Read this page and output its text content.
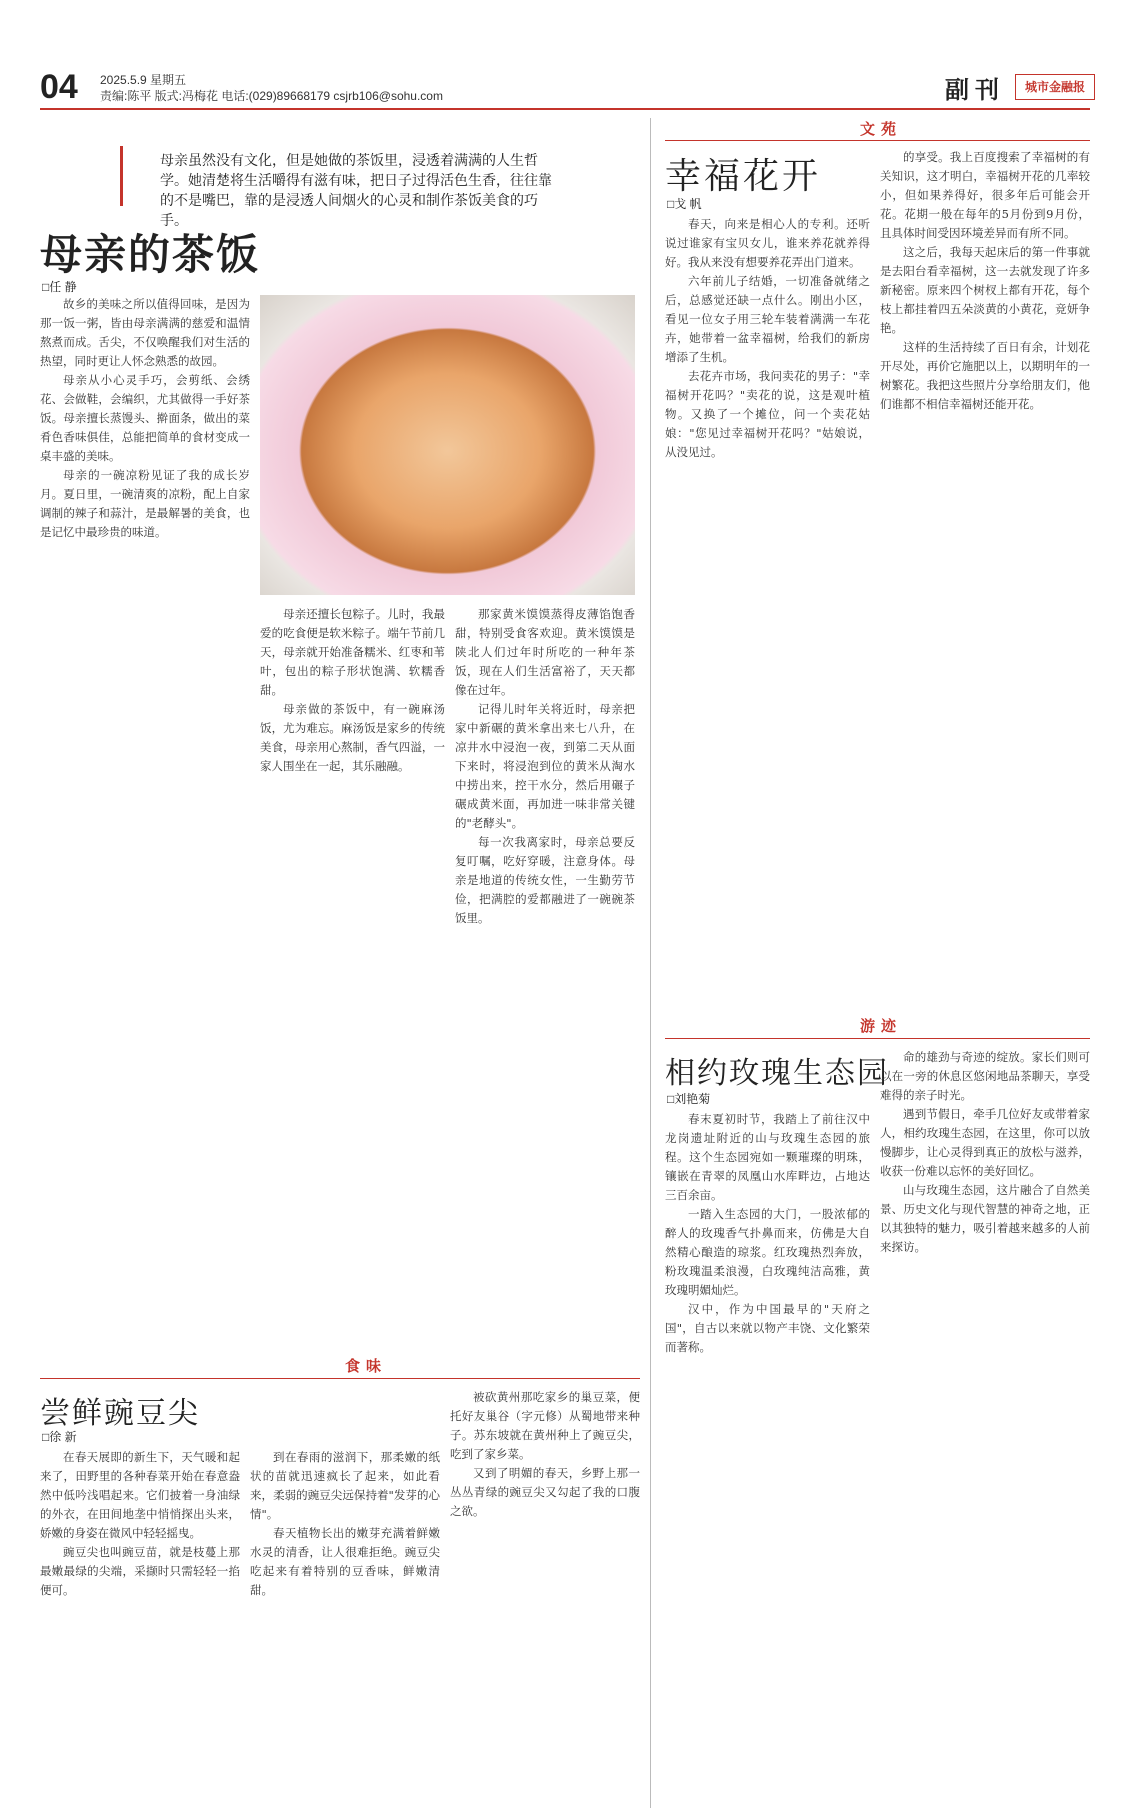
04 2025.5.9 星期五
责编:陈平 版式:冯梅花 电话:(029)89668179 csjrb106@sohu.com	副刊	城市金融报
母亲虽然没有文化，但是她做的茶饭里，浸透着满满的人生哲学。她清楚将生活嚼得有滋有味，把日子过得活色生香，往往靠的不是嘴巴，靠的是浸透人间烟火的心灵和制作茶饭美食的巧手。
母亲的茶饭
□任 静

故乡的美味之所以值得回味，是因为那一饭一粥，皆由母亲满满的慈爱和温情熬煮而成。舌尖，不仅唤醒我们对生活的热望，同时更让人怀念熟悉的故园。

母亲从小心灵手巧，会剪纸、会绣花、会做鞋，会编织，尤其做得一手好茶饭。母亲擅长蒸馒头、擀面条，做出的菜肴色香味俱佳，总能把简单的食材变成一桌丰盛的美味。

母亲的一碗凉粉见证了我的成长岁月。夏日里，一碗清爽的凉粉，配上自家调制的辣子和蒜汁，是最解暑的美食，也是记忆中最珍贵的味道。

母亲还擅长包粽子。儿时，我最爱的吃食便是软米粽子。端午节前几天，母亲就开始准备糯米、红枣和苇叶，包出的粽子形状饱满、软糯香甜。

母亲做的茶饭中，有一碗麻汤饭，尤为难忘。麻汤饭是家乡的传统美食，母亲用心熬制，香气四溢，一家人围坐在一起，其乐融融。

那家黄米馍馍蒸得皮薄馅饱香甜，特别受食客欢迎。黄米馍馍是陕北人们过年时所吃的一种年茶饭，现在人们生活富裕了，天天都像在过年。

记得儿时年关将近时，母亲把家中新碾的黄米拿出来七八升，在凉井水中浸泡一夜，到第二天从面下来时，将浸泡到位的黄米从淘水中捞出来，控干水分，然后用碾子碾成黄米面，再加进一味非常关键的"老酵头"。

每一次我离家时，母亲总要反复叮嘱，吃好穿暖，注意身体。母亲是地道的传统女性，一生勤劳节俭，把满腔的爱都融进了一碗碗茶饭里。

文苑
幸福花开
□戈 帆

春天，向来是相心人的专利。还听说过谁家有宝贝女儿，谁来养花就养得好。我从来没有想要养花弄出门道来。

六年前儿子结婚，一切准备就绪之后，总感觉还缺一点什么。刚出小区，看见一位女子用三轮车装着满满一车花卉，她带着一盆幸福树，给我们的新房增添了生机。

去花卉市场，我问卖花的男子："幸福树开花吗？"卖花的说，这是观叶植物。又换了一个摊位，问一个卖花姑娘："您见过幸福树开花吗？"姑娘说，从没见过。

的享受。我上百度搜索了幸福树的有关知识，这才明白，幸福树开花的几率较小，但如果养得好，很多年后可能会开花。花期一般在每年的5月份到9月份，且具体时间受因环境差异而有所不同。

这之后，我每天起床后的第一件事就是去阳台看幸福树，这一去就发现了许多新秘密。原来四个树杈上都有开花，每个枝上都挂着四五朵淡黄的小黄花，竞妍争艳。

这样的生活持续了百日有余，计划花开尽处，再价它施肥以上，以期明年的一树繁花。我把这些照片分享给朋友们，他们谁都不相信幸福树还能开花。

游迹
相约玫瑰生态园
□刘艳菊

春末夏初时节，我踏上了前往汉中龙岗遗址附近的山与玫瑰生态园的旅程。这个生态园宛如一颗璀璨的明珠，镶嵌在青翠的凤凰山水库畔边，占地达三百余亩。

一踏入生态园的大门，一股浓郁的醉人的玫瑰香气扑鼻而来，仿佛是大自然精心酿造的琼浆。红玫瑰热烈奔放，粉玫瑰温柔浪漫，白玫瑰纯洁高雅，黄玫瑰明媚灿烂。

汉中，作为中国最早的"天府之国"，自古以来就以物产丰饶、文化繁荣而著称。

命的雄劲与奇迹的绽放。家长们则可以在一旁的休息区悠闲地品茶聊天，享受难得的亲子时光。

遇到节假日，牵手几位好友或带着家人，相约玫瑰生态园，在这里，你可以放慢脚步，让心灵得到真正的放松与滋养，收获一份难以忘怀的美好回忆。

山与玫瑰生态园，这片融合了自然美景、历史文化与现代智慧的神奇之地，正以其独特的魅力，吸引着越来越多的人前来探访。

食味
尝鲜豌豆尖
□徐 新

在春天展即的新生下，天气暖和起来了，田野里的各种春菜开始在春意盎然中低吟浅唱起来。它们披着一身油绿的外衣，在田间地垄中悄悄探出头来，娇嫩的身姿在微风中轻轻摇曳。

豌豆尖也叫豌豆苗，就是枝蔓上那最嫩最绿的尖端，采撷时只需轻轻一掐便可。

到在春雨的滋润下，那柔嫩的纸状的苗就迅速疯长了起来，如此看来，柔弱的豌豆尖远保持着"发芽的心情"。

春天植物长出的嫩芽充满着鲜嫩水灵的清香，让人很难拒绝。豌豆尖吃起来有着特别的豆香味，鲜嫩清甜。

被砍黄州那吃家乡的巢豆菜，便托好友巢谷（字元修）从蜀地带来种子。苏东坡就在黄州种上了豌豆尖，吃到了家乡菜。

又到了明媚的春天，乡野上那一丛丛青绿的豌豆尖又勾起了我的口腹之欲。
